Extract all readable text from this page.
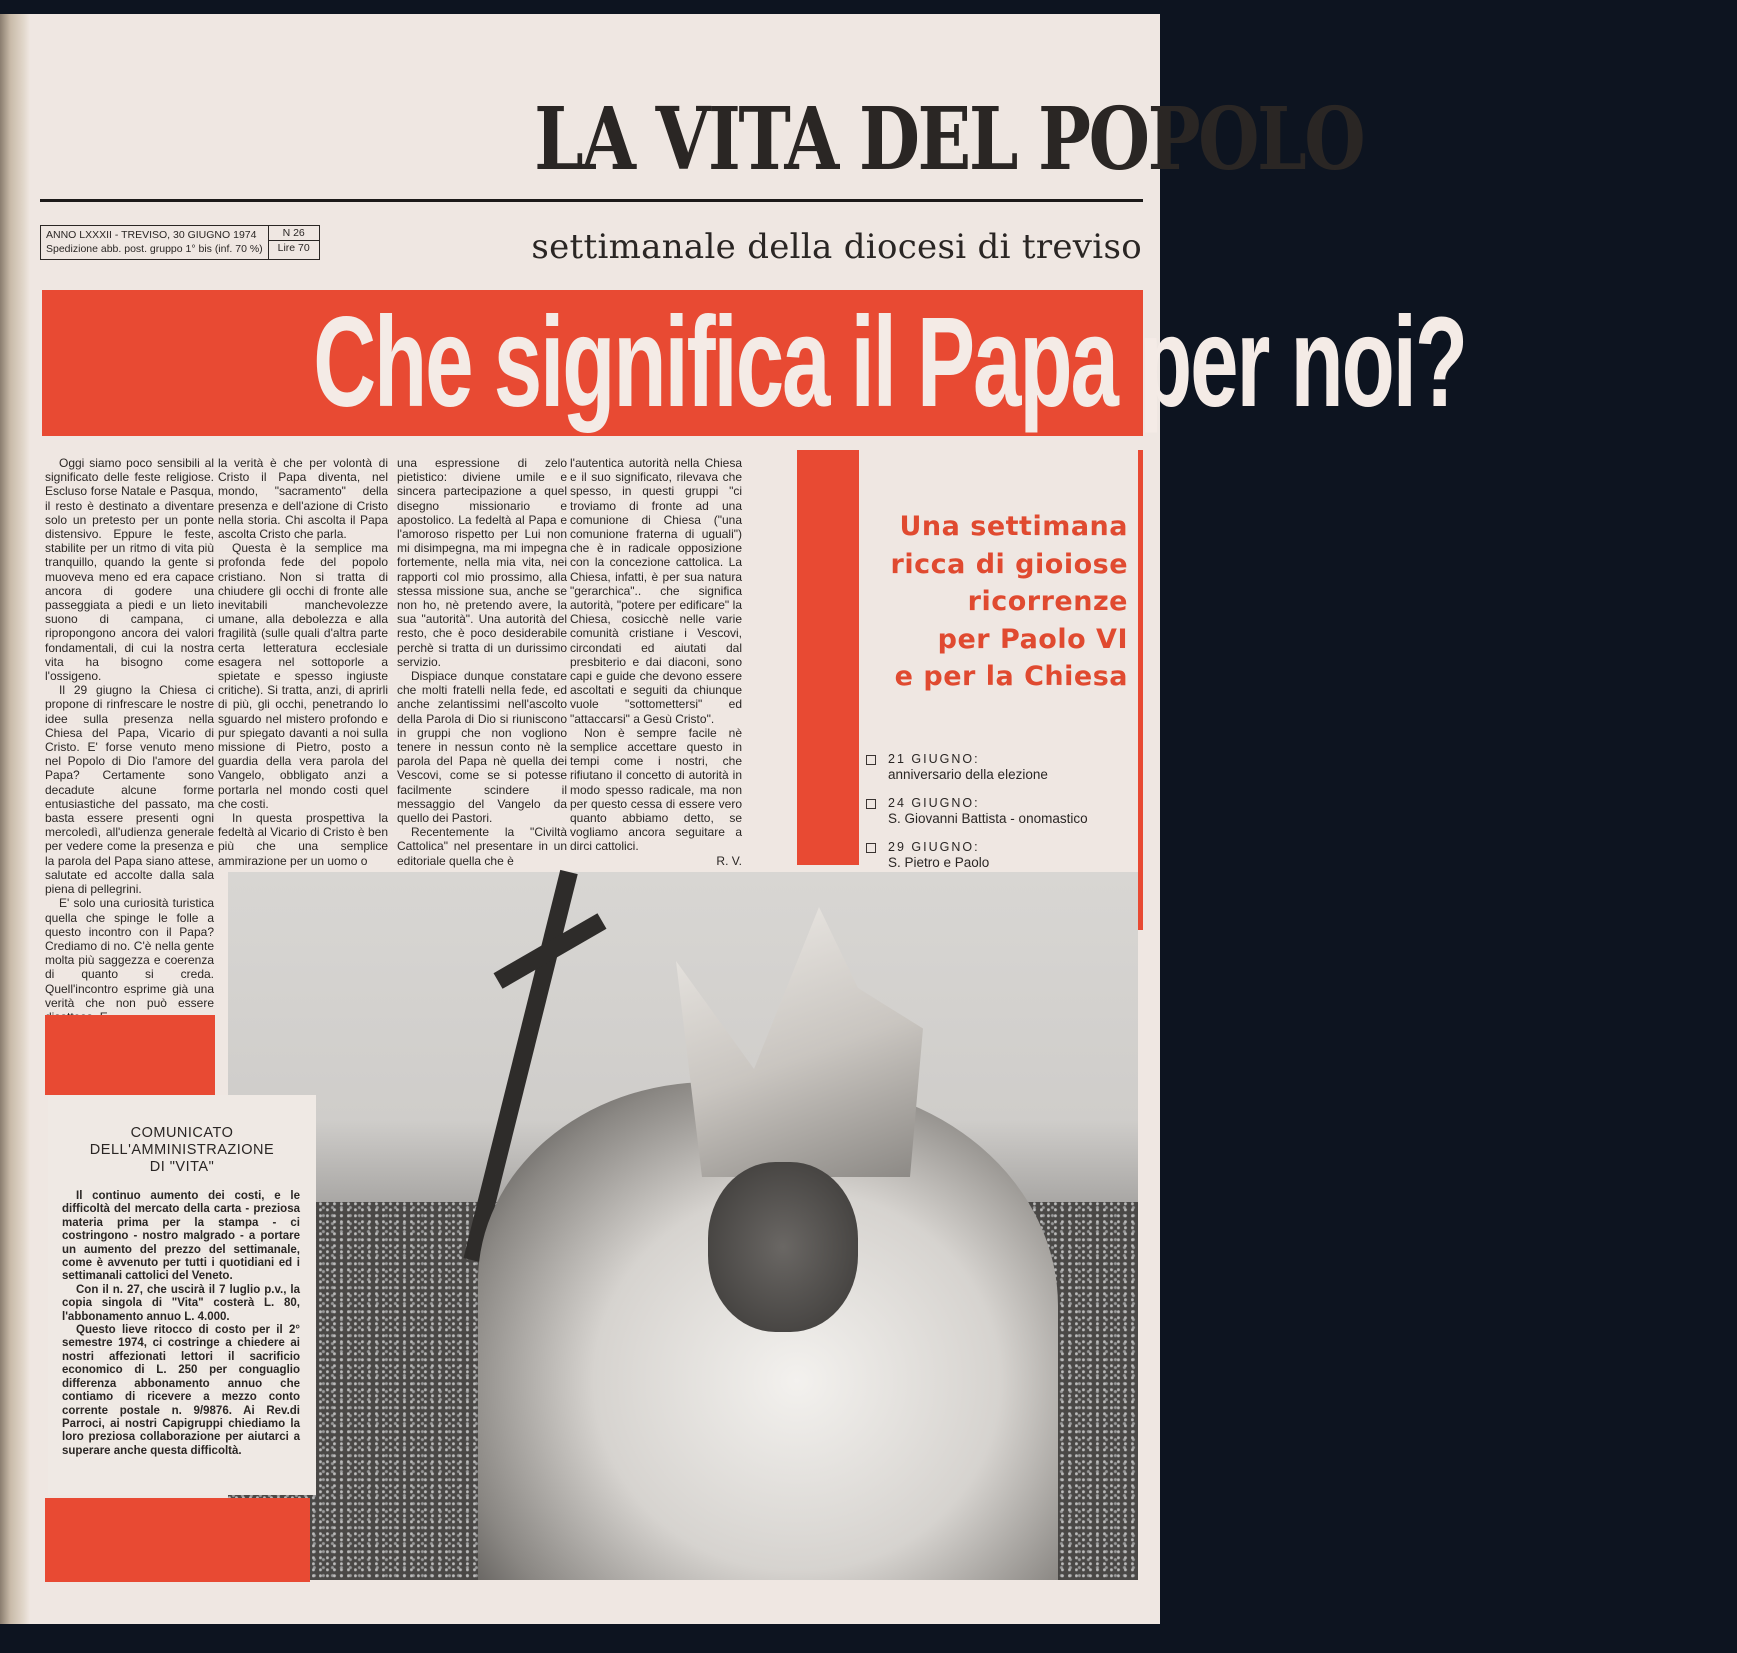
LA VITA DEL POPOLO
ANNO LXXXII - TREVISO, 30 GIUGNO 1974
Spedizione abb. post. gruppo 1° bis (inf. 70 %)
N 26
Lire 70	settimanale della diocesi di treviso
Che significa il Papa per noi?

Oggi siamo poco sensibili al significato delle feste religiose. Escluso forse Natale e Pasqua, il resto è destinato a diventare solo un pretesto per un ponte distensivo. Eppure le feste, stabilite per un ritmo di vita più tranquillo, quando la gente si muoveva meno ed era capace ancora di godere una passeggiata a piedi e un lieto suono di campana, ci ripropongono ancora dei valori fondamentali, di cui la nostra vita ha bisogno come l'ossigeno.

Il 29 giugno la Chiesa ci propone di rinfrescare le nostre idee sulla presenza nella Chiesa del Papa, Vicario di Cristo. E' forse venuto meno nel Popolo di Dio l'amore del Papa? Certamente sono decadute alcune forme entusiastiche del passato, ma basta essere presenti ogni mercoledì, all'udienza generale per vedere come la presenza e la parola del Papa siano attese, salutate ed accolte dalla sala piena di pellegrini.

E' solo una curiosità turistica quella che spinge le folle a questo incontro con il Papa? Crediamo di no. C'è nella gente molta più saggezza e coerenza di quanto si creda. Quell'incontro esprime già una verità che non può essere

la verità è che per volontà di Cristo il Papa diventa, nel mondo, "sacramento" della presenza e dell'azione di Cristo nella storia. Chi ascolta il Papa ascolta Cristo che parla.

Questa è la semplice ma profonda fede del popolo cristiano. Non si tratta di chiudere gli occhi di fronte alle inevitabili manchevolezze umane, alla debolezza e alla fragilità (sulle quali d'altra parte certa letteratura ecclesiale esagera nel sottoporle a spietate e spesso ingiuste critiche). Si tratta, anzi, di aprirli di più, gli occhi, penetrando lo sguardo nel mistero profondo e pur spiegato davanti a noi sulla missione di Pietro, posto a guardia della vera parola del Vangelo, obbligato anzi a portarla nel mondo costi quel che costi.

In questa prospettiva la fedeltà al Vicario di Cristo è ben più che una semplice ammirazione per un uomo o

una espressione di zelo pietistico: diviene umile e sincera partecipazione a quel disegno missionario e apostolico. La fedeltà al Papa e l'amoroso rispetto per Lui non mi disimpegna, ma mi impegna fortemente, nella mia vita, nei rapporti col mio prossimo, alla stessa missione sua, anche se non ho, nè pretendo avere, la sua "autorità". Una autorità del resto, che è poco desiderabile perchè si tratta di un durissimo servizio.

Dispiace dunque constatare che molti fratelli nella fede, ed anche zelantissimi nell'ascolto della Parola di Dio si riuniscono in gruppi che non vogliono tenere in nessun conto nè la parola del Papa nè quella dei Vescovi, come se si potesse facilmente scindere il messaggio del Vangelo da quello dei Pastori.

Recentemente la "Civiltà Cattolica" nel presentare in un editoriale quella che è

l'autentica autorità nella Chiesa e il suo significato, rilevava che spesso, in questi gruppi "ci troviamo di fronte ad una comunione di Chiesa ("una comunione fraterna di uguali") che è in radicale opposizione con la concezione cattolica. La Chiesa, infatti, è per sua natura "gerarchica".. che significa autorità, "potere per edificare" la Chiesa, cosicchè nelle varie comunità cristiane i Vescovi, circondati ed aiutati dal presbiterio e dai diaconi, sono capi e guide che devono essere ascoltati e seguiti da chiunque vuole "sottomettersi" ed "attaccarsi" a Gesù Cristo".

Non è sempre facile nè semplice accettare questo in tempi come i nostri, che rifiutano il concetto di autorità in modo spesso radicale, ma non per questo cessa di essere vero quanto abbiamo detto, se vogliamo ancora seguitare a dirci cattolici.

R. V.

Una settimana
ricca di gioiose
ricorrenze
per Paolo VI
e per la Chiesa
21 GIUGNO:
anniversario della elezione
24 GIUGNO:
S. Giovanni Battista - onomastico
29 GIUGNO:
S. Pietro e Paolo
COMUNICATO
DELL'AMMINISTRAZIONE
DI "VITA"

Il continuo aumento dei costi, e le difficoltà del mercato della carta - preziosa materia prima per la stampa - ci costringono - nostro malgrado - a portare un aumento del prezzo del settimanale, come è avvenuto per tutti i quotidiani ed i settimanali cattolici del Veneto.

Con il n. 27, che uscirà il 7 luglio p.v., la copia singola di "Vita" costerà L. 80, l'abbonamento annuo L. 4.000.

Questo lieve ritocco di costo per il 2° semestre 1974, ci costringe a chiedere ai nostri affezionati lettori il sacrificio economico di L. 250 per conguaglio differenza abbonamento annuo che contiamo di ricevere a mezzo conto corrente postale n. 9/9876. Ai Rev.di Parroci, ai nostri Capigruppi chiediamo la loro preziosa collaborazione per aiutarci a superare anche questa difficoltà.
